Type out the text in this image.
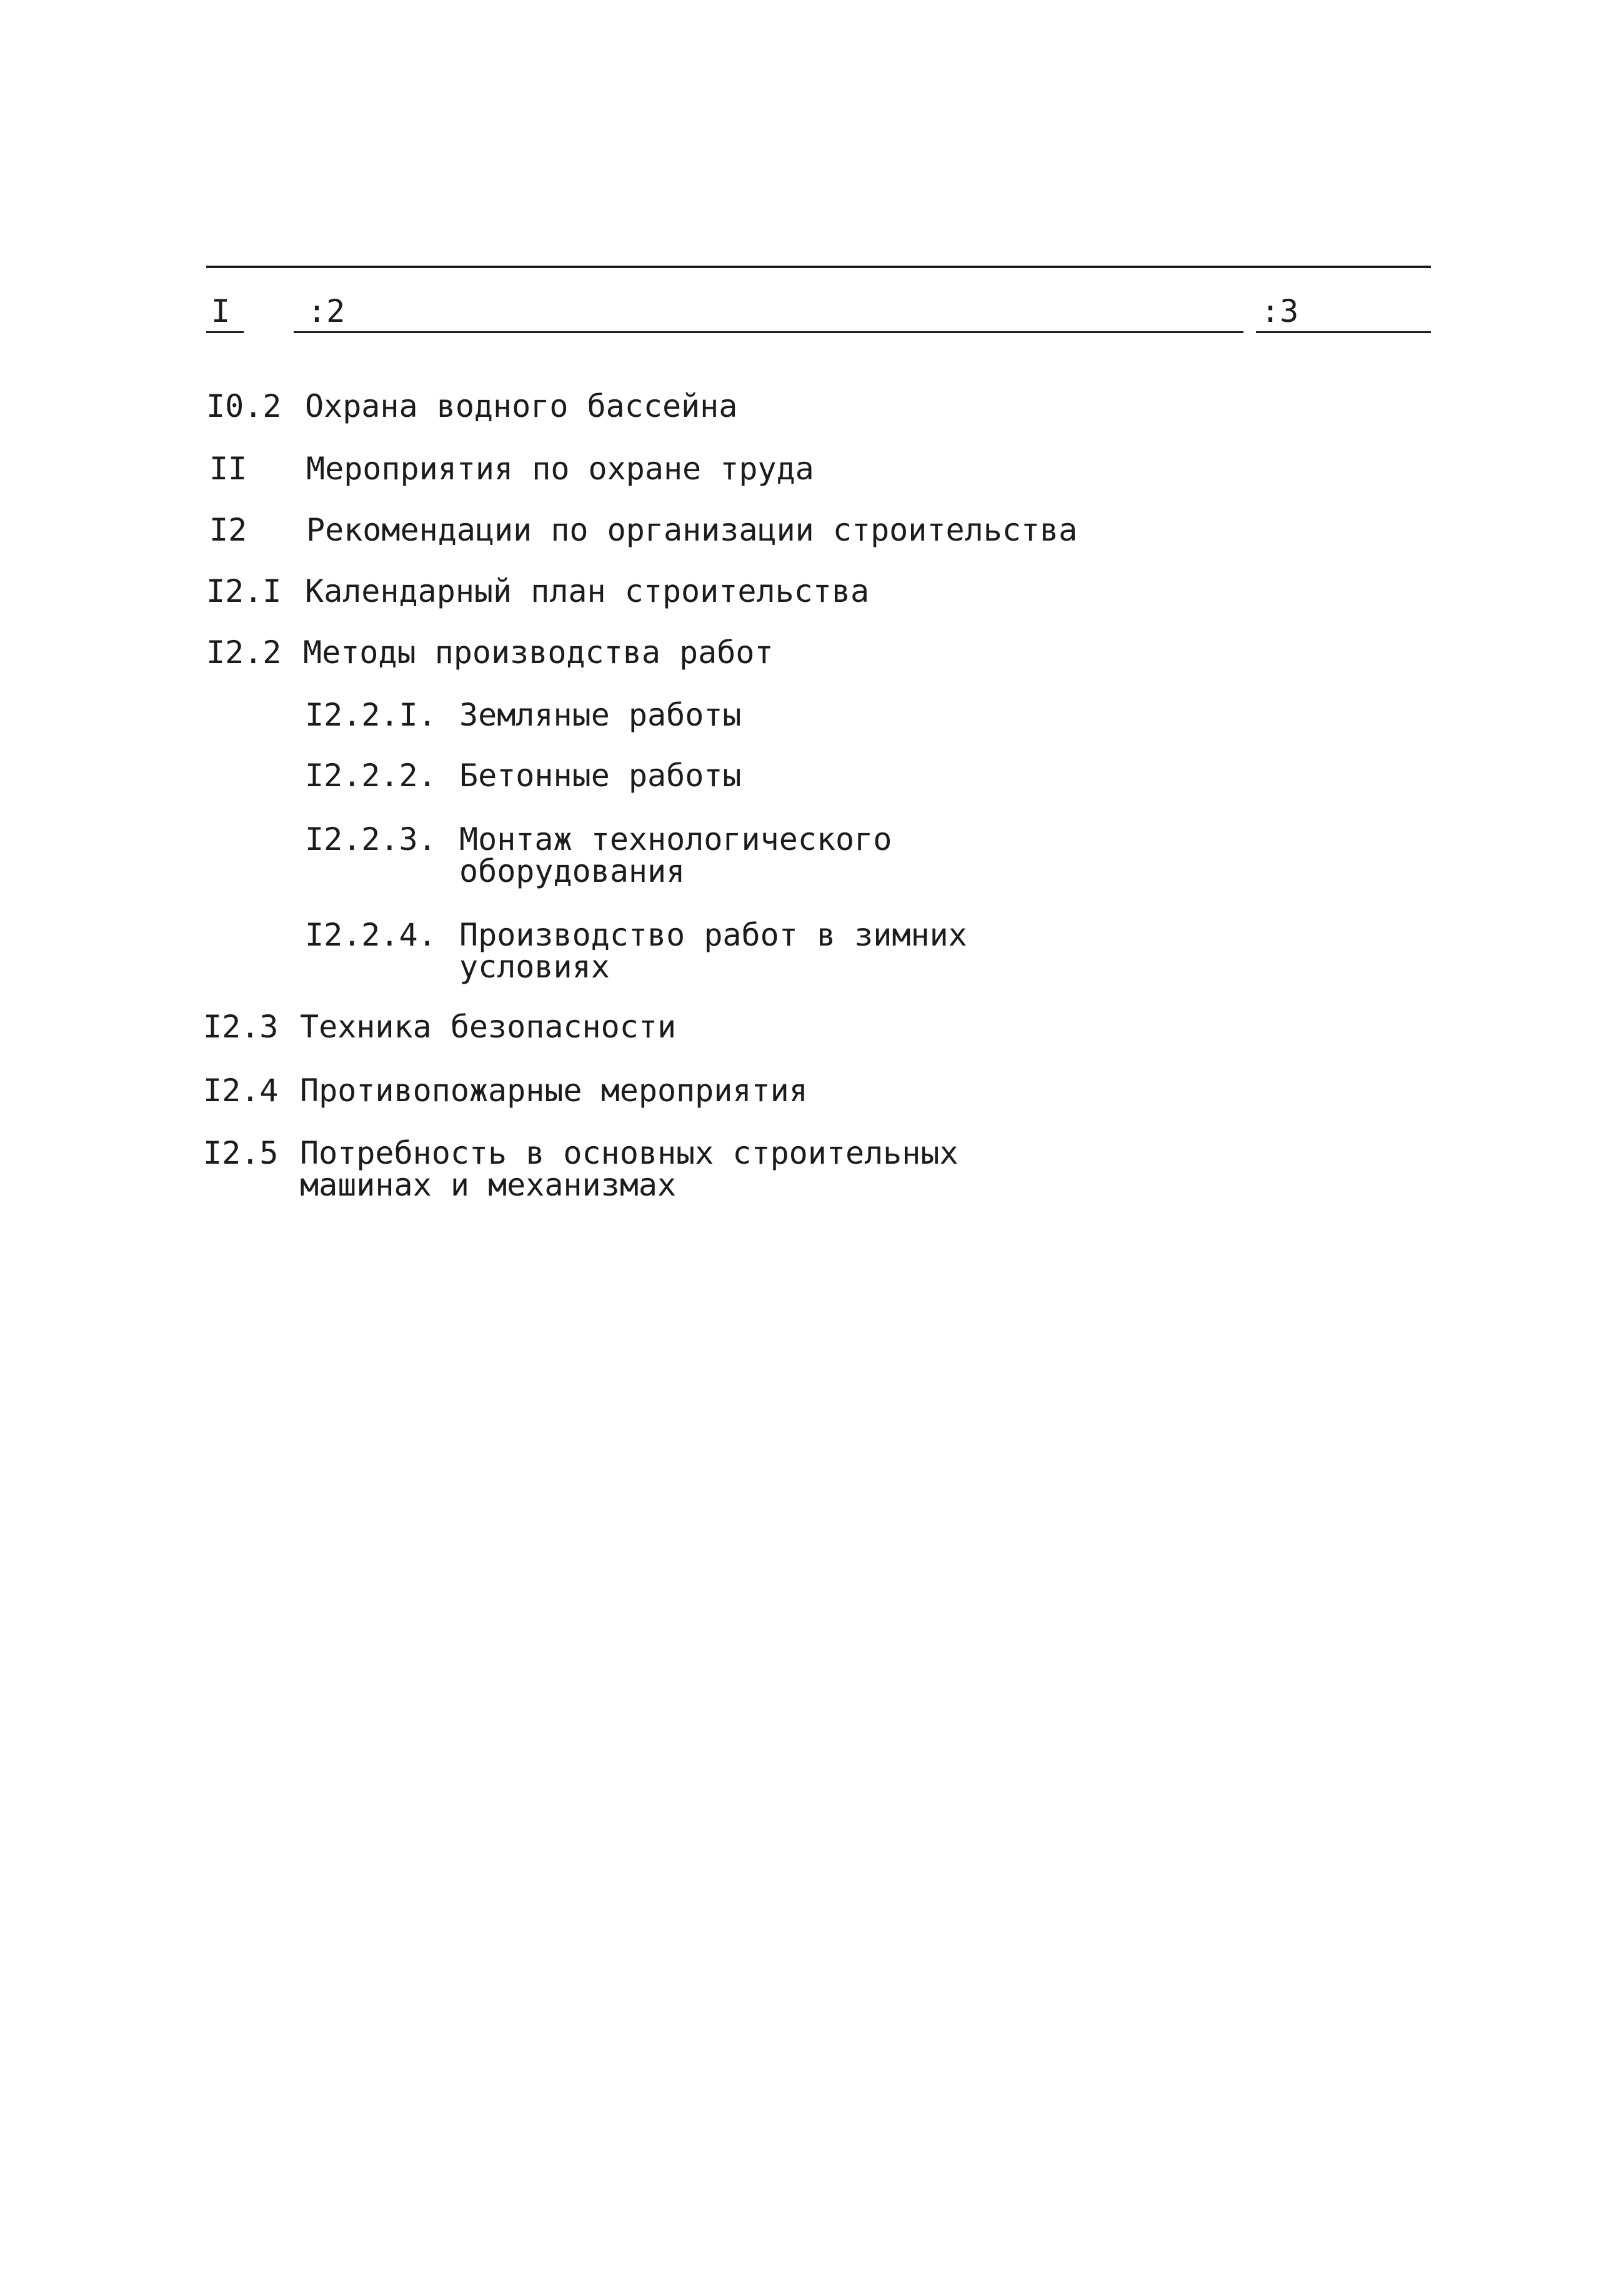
I :2	:3
I0.2 Охрана водного бассейна
II Мероприятия по охране труда
I2 Рекомендации по организации строительства
I2.I Календарный план строительства
I2.2 Методы производства работ
I2.2.I. Земляные работы
I2.2.2. Бетонные работы
I2.2.3. Монтаж технологического
оборудования
I2.2.4. Производство работ в зимних
условиях
I2.3 Техника безопасности
I2.4 Противопожарные мероприятия
I2.5 Потребность в основных строительных
машинах и механизмах
